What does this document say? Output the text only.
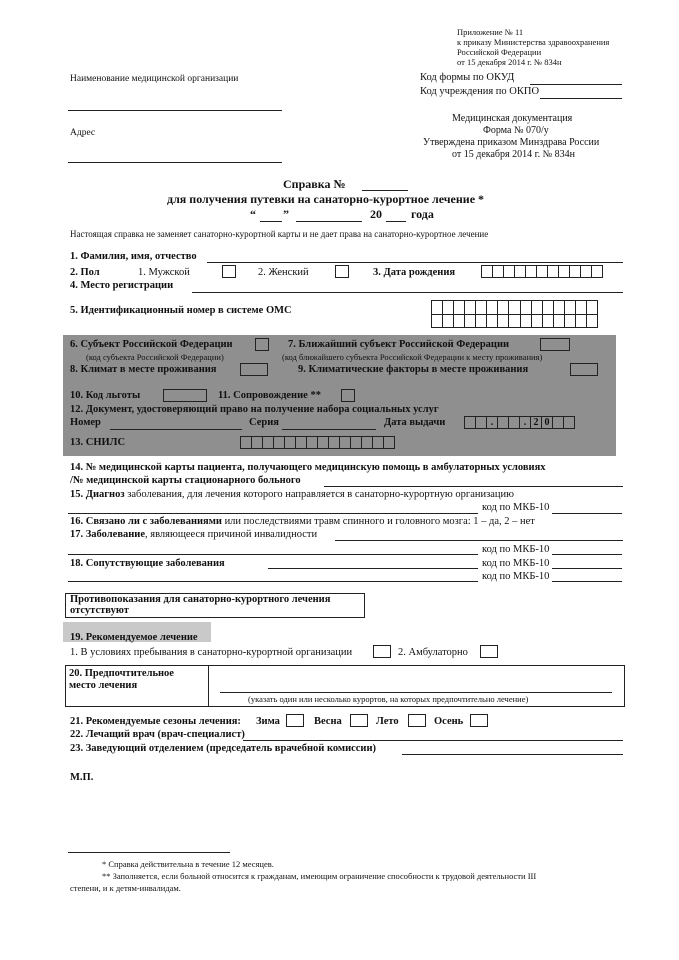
Приложение № 11
к приказу Министерства здравоохранения
Российской Федерации
от 15 декабря 2014 г. № 834н
Наименование медицинской организации
Адрес
Код формы по ОКУД
Код учреждения по ОКПО
Медицинская документация
Форма № 070/у
Утверждена приказом Минздрава России
от 15 декабря 2014 г. № 834н
Справка №
для получения путевки на санаторно-курортное лечение *
“ ”	20 года
Настоящая справка не заменяет санаторно-курортной карты и не дает права на санаторно-курортное лечение
1. Фамилия, имя, отчество
2. Пол	1. Мужской	2. Женский	3. Дата рождения
4. Место регистрации
5. Идентификационный номер в системе ОМС
6. Субъект Российской Федерации
(код субъекта Российской Федерации)
7. Ближайший субъект Российской Федерации
(код ближайшего субъекта Российской Федерации к месту проживания)
8. Климат в месте проживания	9. Климатические факторы в месте проживания
10. Код льготы	11. Сопровождение **
12. Документ, удостоверяющий право на получение набора социальных услуг
Номер	Серия	Дата выдачи	.	. 2 0
13. СНИЛС
14. № медицинской карты пациента, получающего медицинскую помощь в амбулаторных условиях
/№ медицинской карты стационарного больного
15. Диагноз заболевания, для лечения которого направляется в санаторно-курортную организацию
код по МКБ-10
16. Связано ли с заболеваниями или последствиями травм спинного и головного мозга: 1 – да, 2 – нет
17. Заболевание, являющееся причиной инвалидности
код по МКБ-10
18. Сопутствующие заболевания	код по МКБ-10
код по МКБ-10
Противопоказания для санаторно-курортного лечения
отсутствуют
19. Рекомендуемое лечение
1. В условиях пребывания в санаторно-курортной организации	2. Амбулаторно
20. Предпочтительное
место лечения
(указать один или несколько курортов, на которых предпочтительно лечение)
21. Рекомендуемые сезоны лечения: Зима	Весна	Лето	Осень
22. Лечащий врач (врач-специалист)
23. Заведующий отделением (председатель врачебной комиссии)
М.П.
* Справка действительна в течение 12 месяцев.
** Заполняется, если больной относится к гражданам, имеющим ограничение способности к трудовой деятельности III
степени, и к детям-инвалидам.
